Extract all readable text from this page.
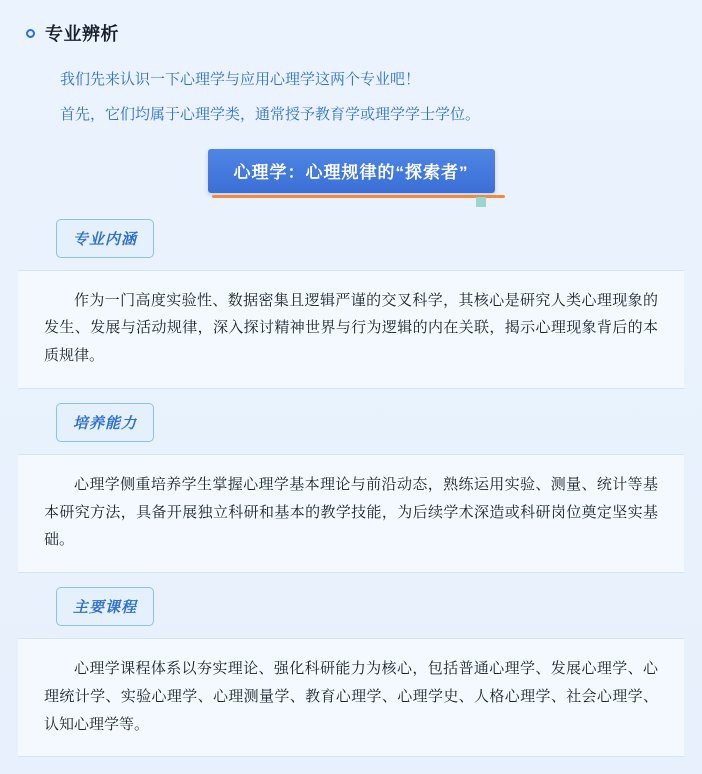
专业辨析

我们先来认识一下心理学与应用心理学这两个专业吧！

首先，它们均属于心理学类，通常授予教育学或理学学士学位。

心理学：心理规律的“探索者”
专业内涵

作为一门高度实验性、数据密集且逻辑严谨的交叉科学，其核心是研究人类心理现象的发生、发展与活动规律，深入探讨精神世界与行为逻辑的内在关联，揭示心理现象背后的本质规律。

培养能力

心理学侧重培养学生掌握心理学基本理论与前沿动态，熟练运用实验、测量、统计等基本研究方法，具备开展独立科研和基本的教学技能，为后续学术深造或科研岗位奠定坚实基础。

主要课程

心理学课程体系以夯实理论、强化科研能力为核心，包括普通心理学、发展心理学、心理统计学、实验心理学、心理测量学、教育心理学、心理学史、人格心理学、社会心理学、认知心理学等。
